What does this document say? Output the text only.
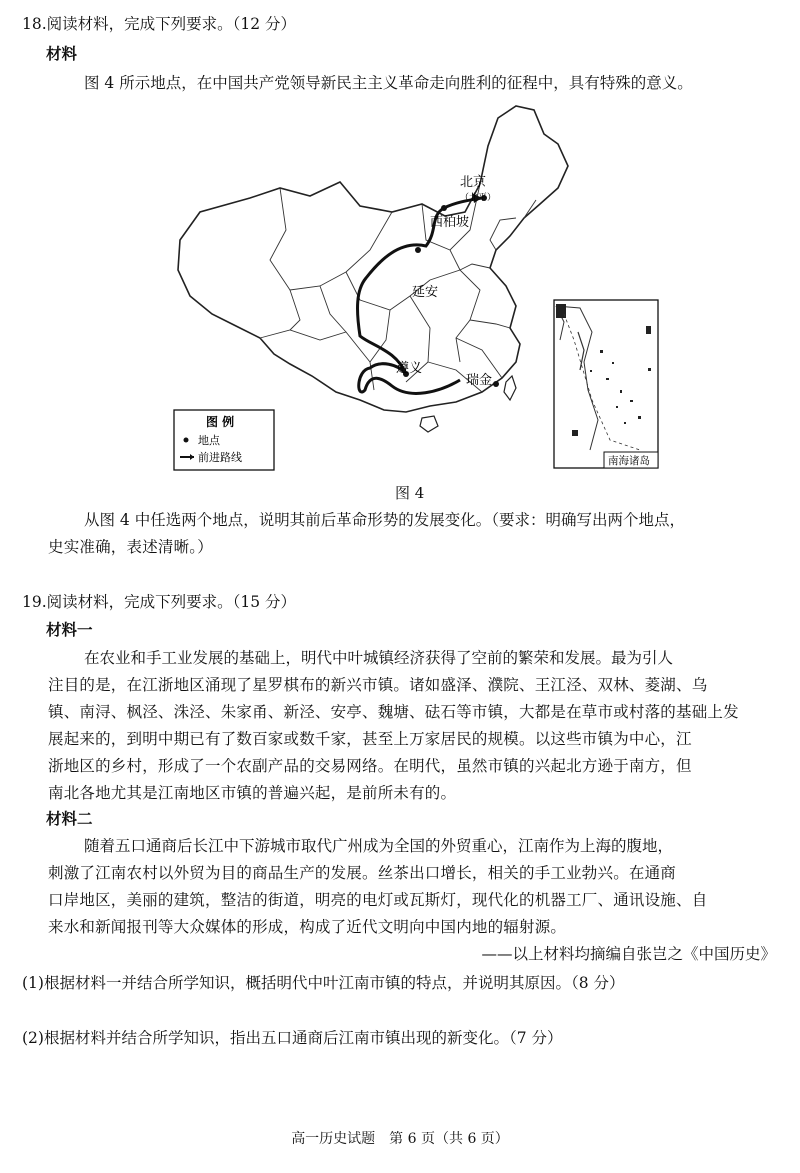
18.阅读材料，完成下列要求。（12 分）
材料
图 4 所示地点，在中国共产党领导新民主主义革命走向胜利的征程中，具有特殊的意义。
北京
（北平）
西柏坡
延安
遵义
瑞金
图 例
地点
前进路线	南海诸岛
图 4
从图 4 中任选两个地点，说明其前后革命形势的发展变化。（要求：明确写出两个地点，
史实准确，表述清晰。）
19.阅读材料，完成下列要求。（15 分）
材料一
在农业和手工业发展的基础上，明代中叶城镇经济获得了空前的繁荣和发展。最为引人
注目的是，在江浙地区涌现了星罗棋布的新兴市镇。诸如盛泽、濮院、王江泾、双林、菱湖、乌
镇、南浔、枫泾、洙泾、朱家甬、新泾、安亭、魏塘、砝石等市镇，大都是在草市或村落的基础上发
展起来的，到明中期已有了数百家或数千家，甚至上万家居民的规模。以这些市镇为中心，江
浙地区的乡村，形成了一个农副产品的交易网络。在明代，虽然市镇的兴起北方逊于南方，但
南北各地尤其是江南地区市镇的普遍兴起，是前所未有的。
材料二
随着五口通商后长江中下游城市取代广州成为全国的外贸重心，江南作为上海的腹地，
刺激了江南农村以外贸为目的商品生产的发展。丝茶出口增长，相关的手工业勃兴。在通商
口岸地区，美丽的建筑，整洁的街道，明亮的电灯或瓦斯灯，现代化的机器工厂、通讯设施、自
来水和新闻报刊等大众媒体的形成，构成了近代文明向中国内地的辐射源。
——以上材料均摘编自张岂之《中国历史》
(1)根据材料一并结合所学知识，概括明代中叶江南市镇的特点，并说明其原因。（8 分）
(2)根据材料并结合所学知识，指出五口通商后江南市镇出现的新变化。（7 分）
高一历史试题　第 6 页（共 6 页）
